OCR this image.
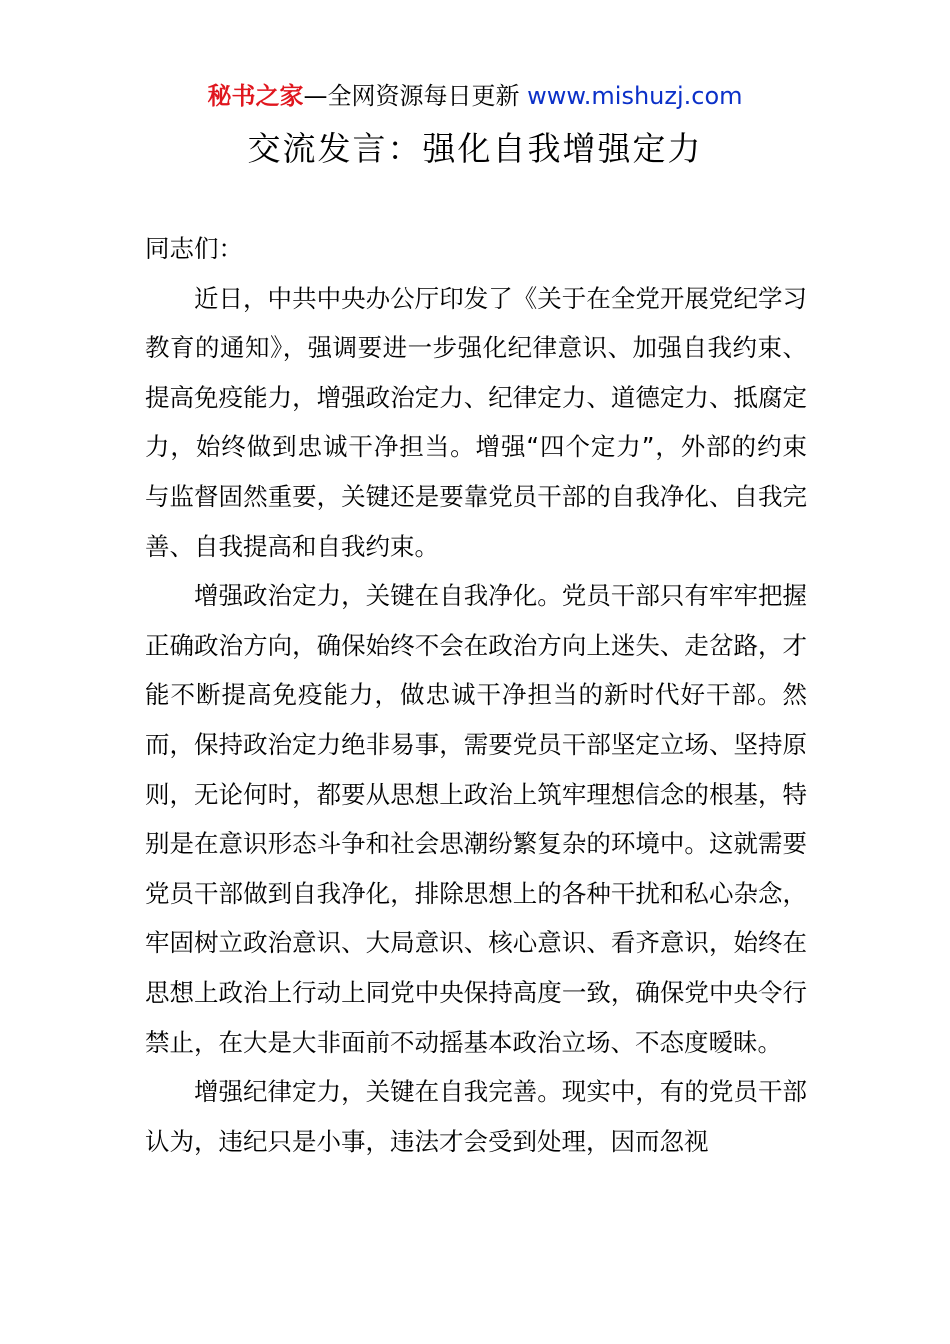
秘书之家—全网资源每日更新 www.mishuzj.com
交流发言：强化自我增强定力

同志们：

近日，中共中央办公厅印发了《关于在全党开展党纪学习教育的通知》，强调要进一步强化纪律意识、加强自我约束、提高免疫能力，增强政治定力、纪律定力、道德定力、抵腐定力，始终做到忠诚干净担当。增强“四个定力”，外部的约束与监督固然重要，关键还是要靠党员干部的自我净化、自我完善、自我提高和自我约束。

增强政治定力，关键在自我净化。党员干部只有牢牢把握正确政治方向，确保始终不会在政治方向上迷失、走岔路，才能不断提高免疫能力，做忠诚干净担当的新时代好干部。然而，保持政治定力绝非易事，需要党员干部坚定立场、坚持原则，无论何时，都要从思想上政治上筑牢理想信念的根基，特别是在意识形态斗争和社会思潮纷繁复杂的环境中。这就需要党员干部做到自我净化，排除思想上的各种干扰和私心杂念，牢固树立政治意识、大局意识、核心意识、看齐意识，始终在思想上政治上行动上同党中央保持高度一致，确保党中央令行禁止，在大是大非面前不动摇基本政治立场、不态度暧昧。

增强纪律定力，关键在自我完善。现实中，有的党员干部认为，违纪只是小事，违法才会受到处理，因而忽视
